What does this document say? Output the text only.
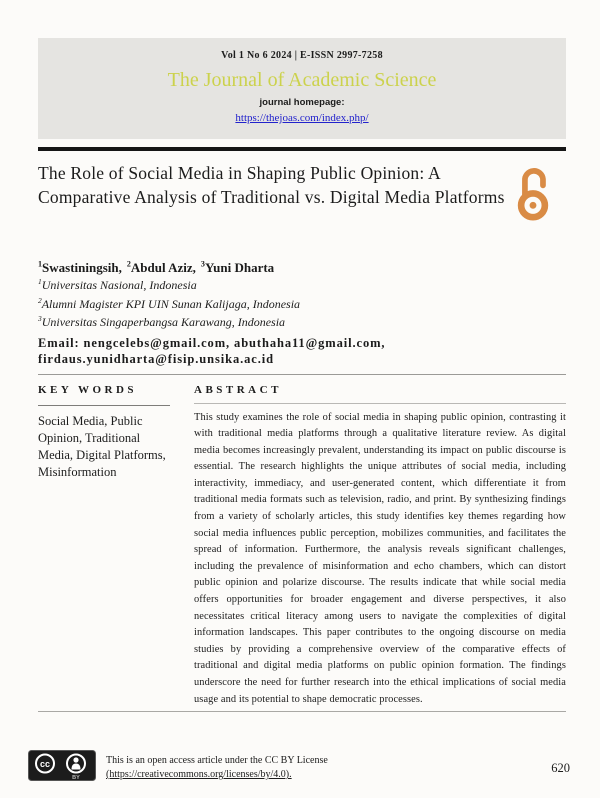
Vol 1 No 6 2024 | E-ISSN 2997-7258
The Journal of Academic Science
journal homepage:
https://thejoas.com/index.php/
The Role of Social Media in Shaping Public Opinion: A Comparative Analysis of Traditional vs. Digital Media Platforms
$^1$Swastiningsih, $^2$Abdul Aziz, $^3$Yuni Dharta
$^1$Universitas Nasional, Indonesia
$^2$Alumni Magister KPI UIN Sunan Kalijaga, Indonesia
$^3$Universitas Singaperbangsa Karawang, Indonesia
Email: nengcelebs@gmail.com, abuthaha11@gmail.com, firdaus.yunidharta@fisip.unsika.ac.id
KEY WORDS
Social Media, Public Opinion, Traditional Media, Digital Platforms, Misinformation
ABSTRACT
This study examines the role of social media in shaping public opinion, contrasting it with traditional media platforms through a qualitative literature review. As digital media becomes increasingly prevalent, understanding its impact on public discourse is essential. The research highlights the unique attributes of social media, including interactivity, immediacy, and user-generated content, which differentiate it from traditional media formats such as television, radio, and print. By synthesizing findings from a variety of scholarly articles, this study identifies key themes regarding how social media influences public perception, mobilizes communities, and facilitates the spread of information. Furthermore, the analysis reveals significant challenges, including the prevalence of misinformation and echo chambers, which can distort public opinion and polarize discourse. The results indicate that while social media offers opportunities for broader engagement and diverse perspectives, it also necessitates critical literacy among users to navigate the complexities of digital information landscapes. This paper contributes to the ongoing discourse on media studies by providing a comprehensive overview of the comparative effects of traditional and digital media platforms on public opinion formation. The findings underscore the need for further research into the ethical implications of social media usage and its potential to shape democratic processes.
cc
BY
This is an open access article under the CC BY License
(https://creativecommons.org/licenses/by/4.0).	620
